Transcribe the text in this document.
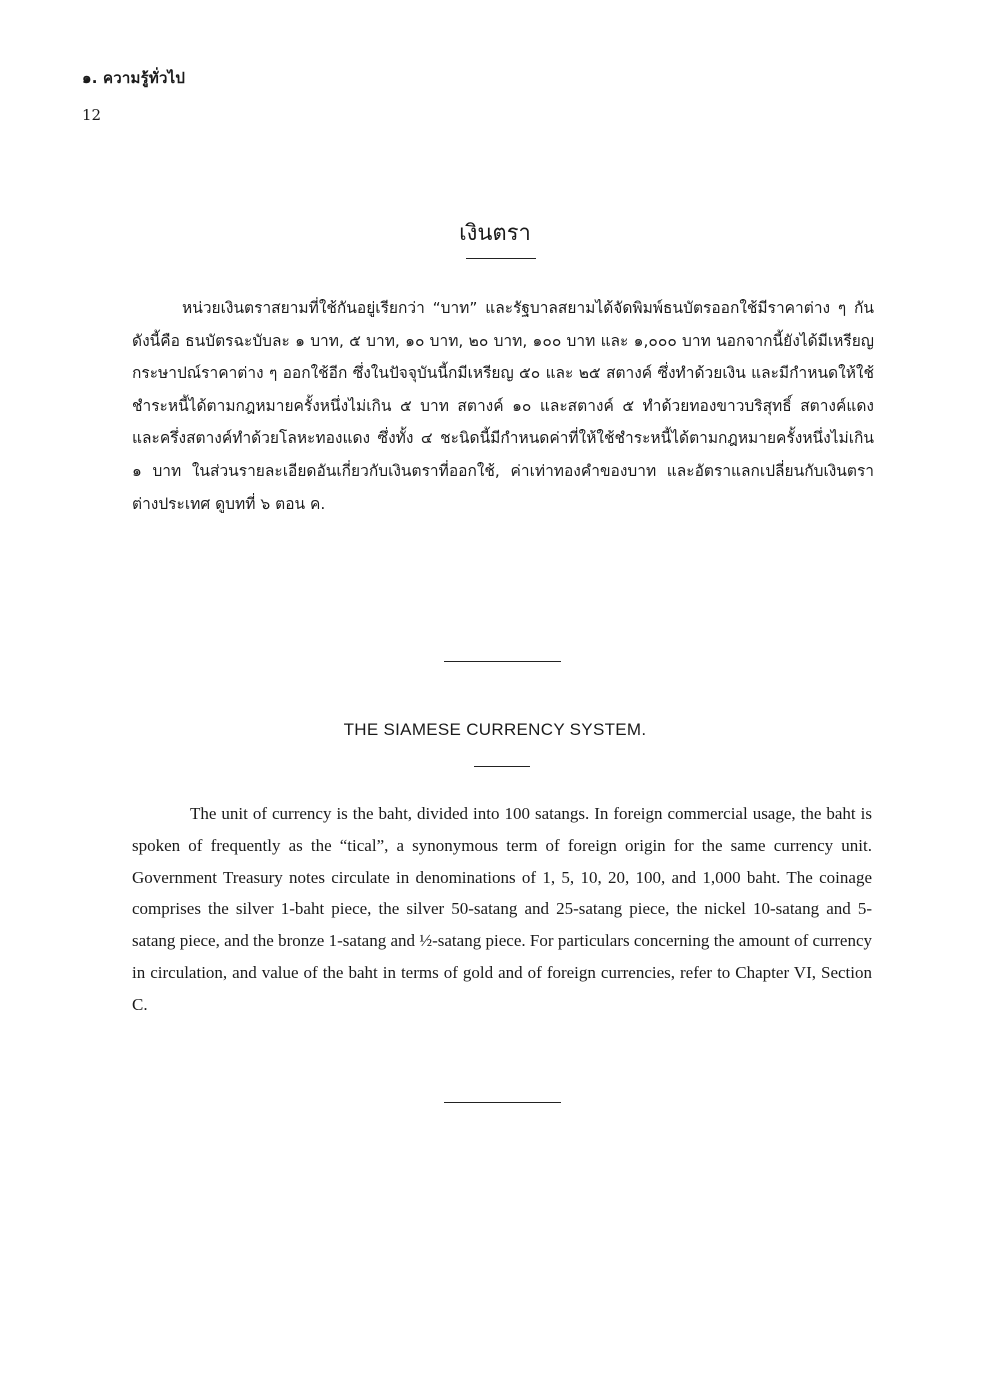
๑. ความรู้ทั่วไป
12
เงินตรา

หน่วยเงินตราสยามที่ใช้กันอยู่เรียกว่า “บาท” และรัฐบาลสยามได้จัดพิมพ์ธนบัตรออกใช้มีราคาต่าง ๆ กันดังนี้คือ ธนบัตรฉะบับละ ๑ บาท, ๕ บาท, ๑๐ บาท, ๒๐ บาท, ๑๐๐ บาท และ ๑,๐๐๐ บาท นอกจากนี้ยังได้มีเหรียญกระษาปณ์ราคาต่าง ๆ ออกใช้อีก ซึ่งในปัจจุบันนี้กมีเหรียญ ๕๐ และ ๒๕ สตางค์ ซึ่งทำด้วยเงิน และมีกำหนดให้ใช้ชำระหนี้ได้ตามกฎหมายครั้งหนึ่งไม่เกิน ๕ บาท สตางค์ ๑๐ และสตางค์ ๕ ทำด้วยทองขาวบริสุทธิ์ สตางค์แดง และครึ่งสตางค์ทำด้วยโลหะทองแดง ซึ่งทั้ง ๔ ชะนิดนี้มีกำหนดค่าที่ให้ใช้ชำระหนี้ได้ตามกฎหมายครั้งหนึ่งไม่เกิน ๑ บาท ในส่วนรายละเอียดอันเกี่ยวกับเงินตราที่ออกใช้, ค่าเท่าทองคำของบาท และอัตราแลกเปลี่ยนกับเงินตราต่างประเทศ ดูบทที่ ๖ ตอน ค.

THE SIAMESE CURRENCY SYSTEM.

The unit of currency is the baht, divided into 100 satangs. In foreign commercial usage, the baht is spoken of frequently as the “tical”, a synonymous term of foreign origin for the same currency unit. Government Treasury notes circulate in denominations of 1, 5, 10, 20, 100, and 1,000 baht. The coinage comprises the silver 1-baht piece, the silver 50-satang and 25-satang piece, the nickel 10-satang and 5-satang piece, and the bronze 1-satang and ½-satang piece. For particulars concerning the amount of currency in circulation, and value of the baht in terms of gold and of foreign currencies, refer to Chapter VI, Section C.
